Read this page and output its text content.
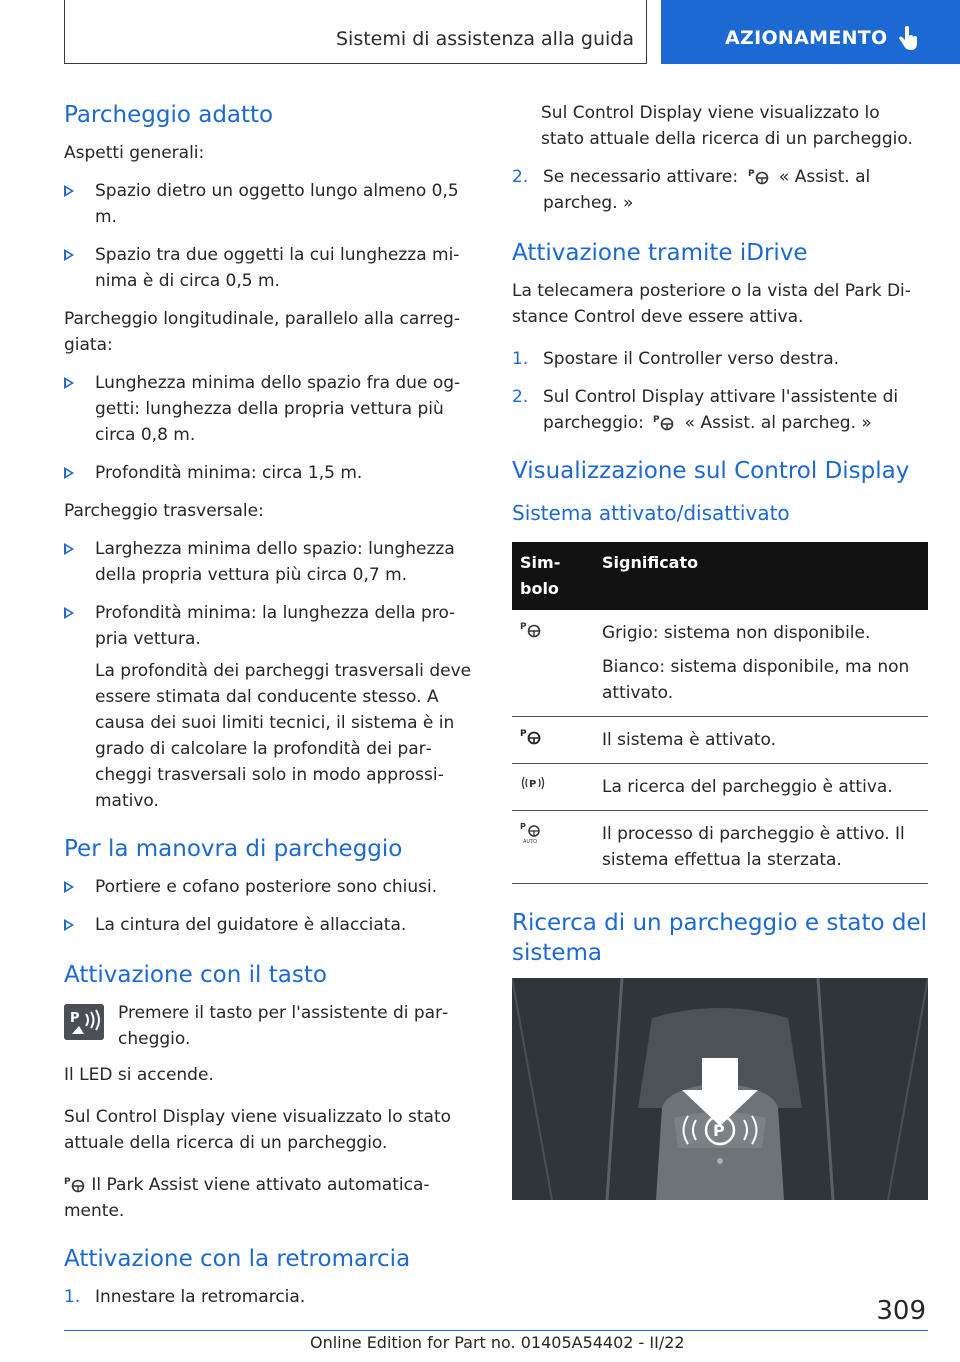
Sistemi di assistenza alla guida	AZIONAMENTO
Parcheggio adatto

Aspetti generali:

Spazio dietro un oggetto lungo almeno 0,5 m.
Spazio tra due oggetti la cui lunghezza minima è di circa 0,5 m.

Parcheggio longitudinale, parallelo alla carreggiata:

Lunghezza minima dello spazio fra due oggetti: lunghezza della propria vettura più circa 0,8 m.
Profondità minima: circa 1,5 m.

Parcheggio trasversale:

Larghezza minima dello spazio: lunghezza della propria vettura più circa 0,7 m.
Profondità minima: la lunghezza della propria vettura.

La profondità dei parcheggi trasversali deve essere stimata dal conducente stesso. A causa dei suoi limiti tecnici, il sistema è in grado di calcolare la profondità dei parcheggi trasversali solo in modo approssimativo.

Per la manovra di parcheggio
Portiere e cofano posteriore sono chiusi.
La cintura del guidatore è allacciata.
Attivazione con il tasto
P Premere il tasto per l'assistente di parcheggio.

Il LED si accende.

Sul Control Display viene visualizzato lo stato attuale della ricerca di un parcheggio.

P Il Park Assist viene attivato automaticamente.

Attivazione con la retromarcia
1. Innestare la retromarcia.

Sul Control Display viene visualizzato lo stato attuale della ricerca di un parcheggio.

2. Se necessario attivare: P « Assist. al parcheg. »
Attivazione tramite iDrive

La telecamera posteriore o la vista del Park Distance Control deve essere attiva.

1. Spostare il Controller verso destra.
2. Sul Control Display attivare l'assistente di parcheggio: P « Assist. al parcheg. »
Visualizzazione sul Control Display
Sistema attivato/disattivato
Simbolo	Significato

P	Grigio: sistema non disponibile.
Bianco: sistema disponibile, ma non attivato.

P	Il sistema è attivato.

P	La ricerca del parcheggio è attiva.

P
AUTO	Il processo di parcheggio è attivo. Il sistema effettua la sterzata.
Ricerca di un parcheggio e stato del sistema
P
309
Online Edition for Part no. 01405A54402 - II/22
